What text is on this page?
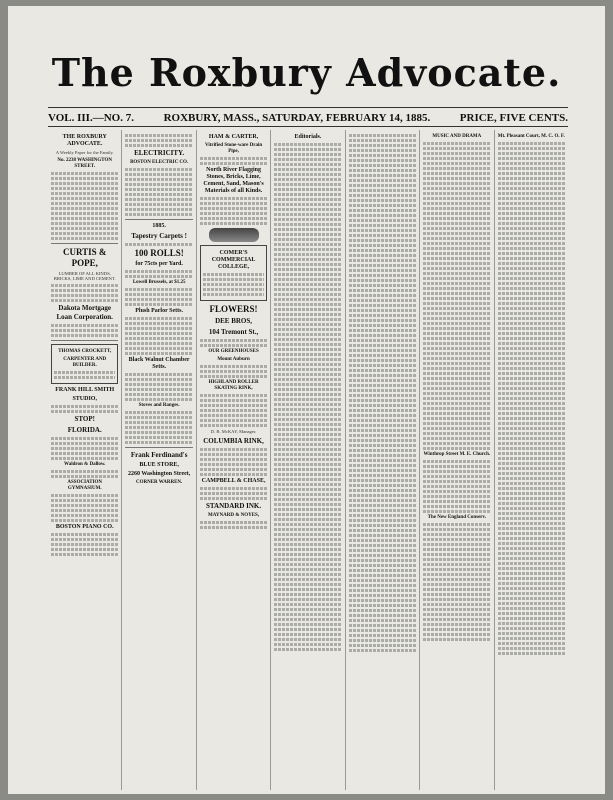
The Roxbury Advocate.
VOL. III.—NO. 7.	ROXBURY, MASS., SATURDAY, FEBRUARY 14, 1885.	PRICE, FIVE CENTS.
THE ROXBURY ADVOCATE.
A Weekly Paper for the Family.
No. 2238 WASHINGTON STREET.
CURTIS & POPE,
LUMBER OF ALL KINDS, BRICKS, LIME AND CEMENT.
Dakota Mortgage Loan Corporation.
THOMAS CROCKETT,
CARPENTER AND BUILDER.
FRANK HILL SMITH
STUDIO,
STOP!
FLORIDA.
Waldron & Dallow.
ASSOCIATION GYMNASIUM.
BOSTON PIANO CO.
ELECTRICITY.
BOSTON ELECTRIC CO.
1885.
Tapestry Carpets !
100 ROLLS!
for 75cts per Yard.
Lowell Brussels, at $1.25
Plush Parlor Setts.
Black Walnut Chamber Setts.
Stoves and Ranges.
Frank Ferdinand's
BLUE STORE,
2260 Washington Street,
CORNER WARREN.
HAM & CARTER,
Vitrified Stone-ware Drain Pipe,
North River Flagging Stones, Bricks, Lime, Cement, Sand, Mason's Materials of all Kinds.
COMER'S COMMERCIAL COLLEGE,
FLOWERS!
DEE BROS,
104 Tremont St.,
OUR GREENHOUSES
Mount Auburn
HIGHLAND ROLLER SKATING RINK,
D. B. McKAY, Manager.
COLUMBIA RINK,
CAMPBELL & CHASE,
STANDARD INK.
MAYNARD & NOYES,
Editorials.	MUSIC AND DRAMA
Winthrop Street M. E. Church.
The New England Conserv.
Mt. Pleasant Court, M. C. O. F.
